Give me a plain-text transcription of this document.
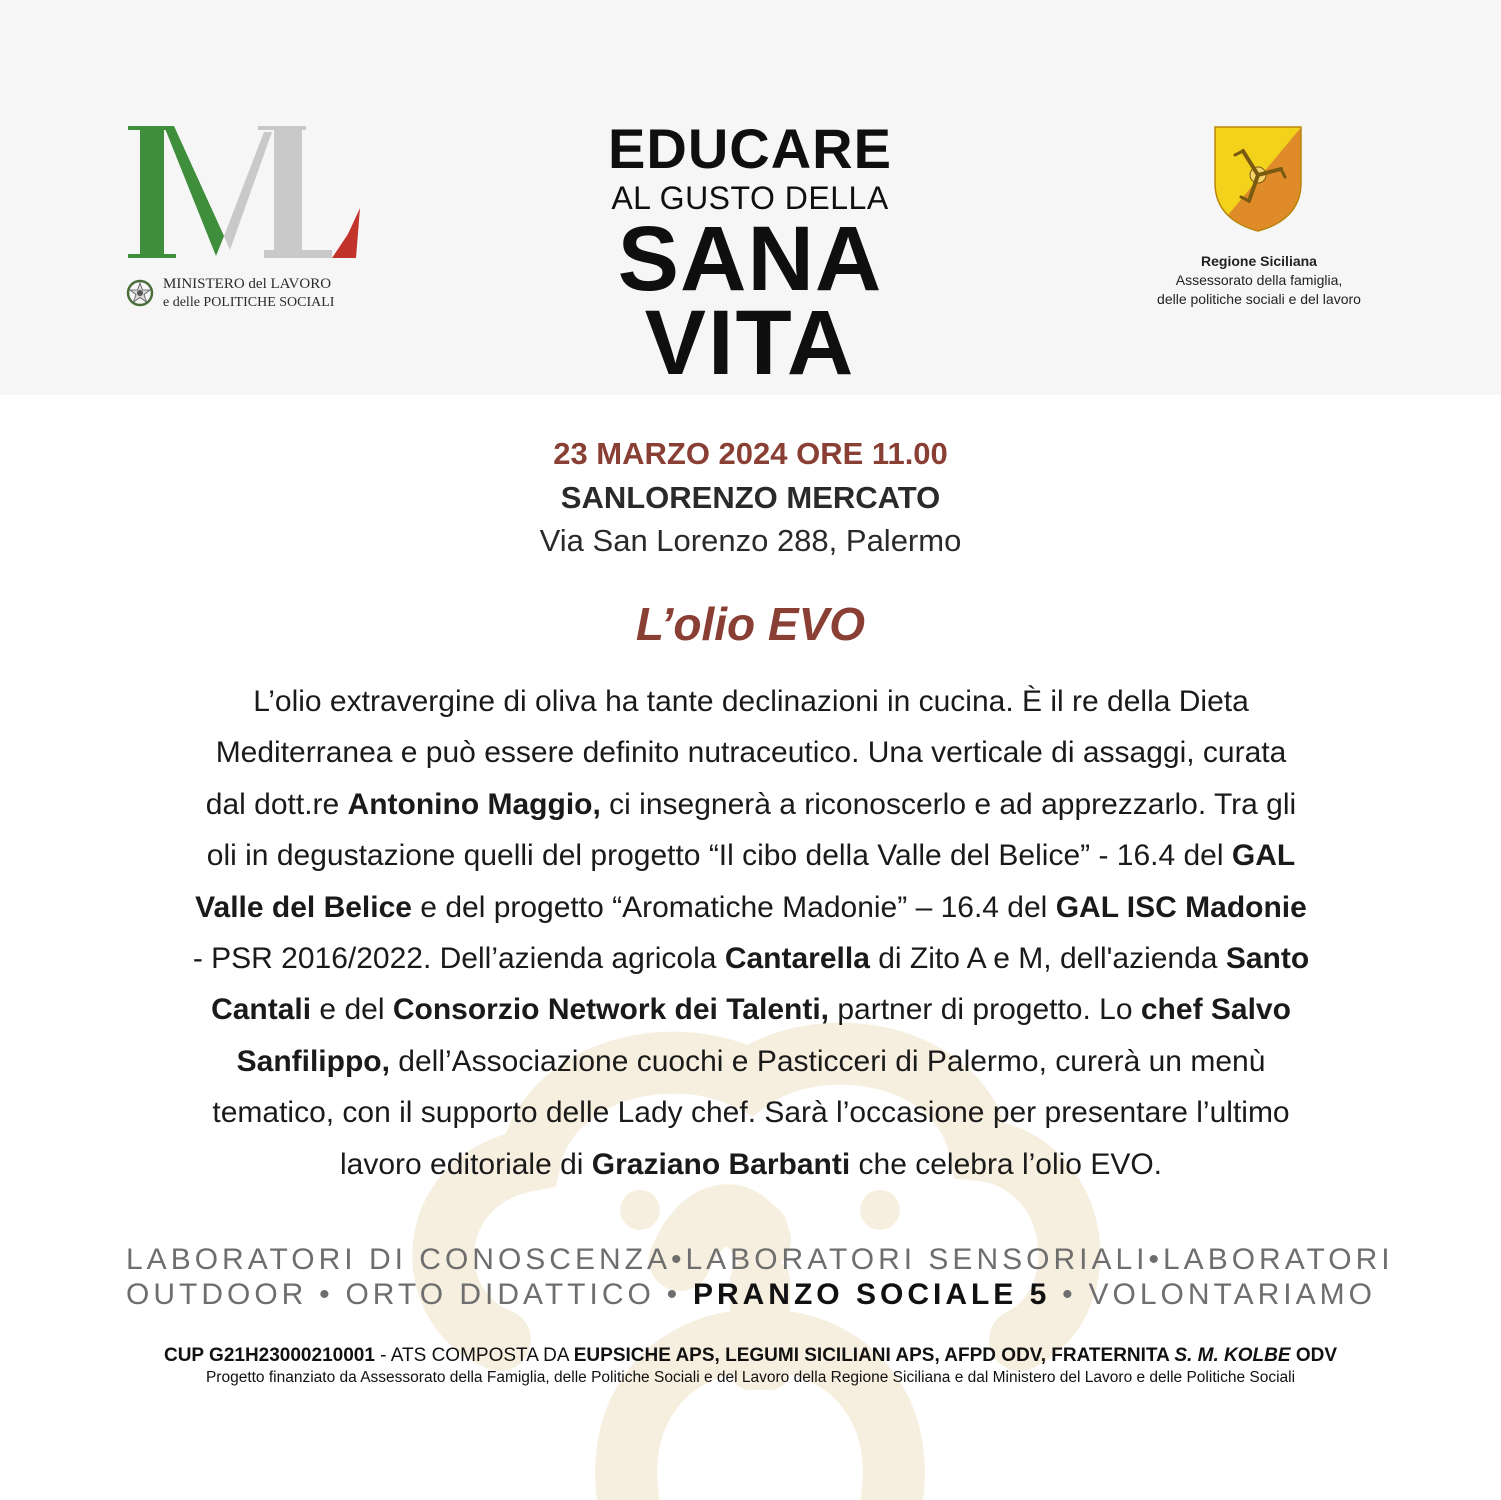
MINISTERO del LAVORO
e delle POLITICHE SOCIALI
EDUCARE
AL GUSTO DELLA
SANA
VITA
Regione Siciliana
Assessorato della famiglia,
delle politiche sociali e del lavoro
23 MARZO 2024 ORE 11.00
SANLORENZO MERCATO
Via San Lorenzo 288, Palermo
L’olio EVO
L’olio extravergine di oliva ha tante declinazioni in cucina. È il re della Dieta
Mediterranea e può essere definito nutraceutico. Una verticale di assaggi, curata
dal dott.re Antonino Maggio, ci insegnerà a riconoscerlo e ad apprezzarlo. Tra gli
oli in degustazione quelli del progetto “Il cibo della Valle del Belice” - 16.4 del GAL
Valle del Belice e del progetto “Aromatiche Madonie” – 16.4 del GAL ISC Madonie
- PSR 2016/2022. Dell’azienda agricola Cantarella di Zito A e M, dell'azienda Santo
Cantali e del Consorzio Network dei Talenti, partner di progetto. Lo chef Salvo
Sanfilippo, dell’Associazione cuochi e Pasticceri di Palermo, curerà un menù
tematico, con il supporto delle Lady chef. Sarà l’occasione per presentare l’ultimo
lavoro editoriale di Graziano Barbanti che celebra l’olio EVO.
LABORATORI DI CONOSCENZA • LABORATORI SENSORIALI • LABORATORI
OUTDOOR • ORTO DIDATTICO • PRANZO SOCIALE 5 • VOLONTARIAMO
CUP G21H23000210001 - ATS COMPOSTA DA EUPSICHE APS, LEGUMI SICILIANI APS, AFPD ODV, FRATERNITA S. M. KOLBE ODV
Progetto finanziato da Assessorato della Famiglia, delle Politiche Sociali e del Lavoro della Regione Siciliana e dal Ministero del Lavoro e delle Politiche Sociali
